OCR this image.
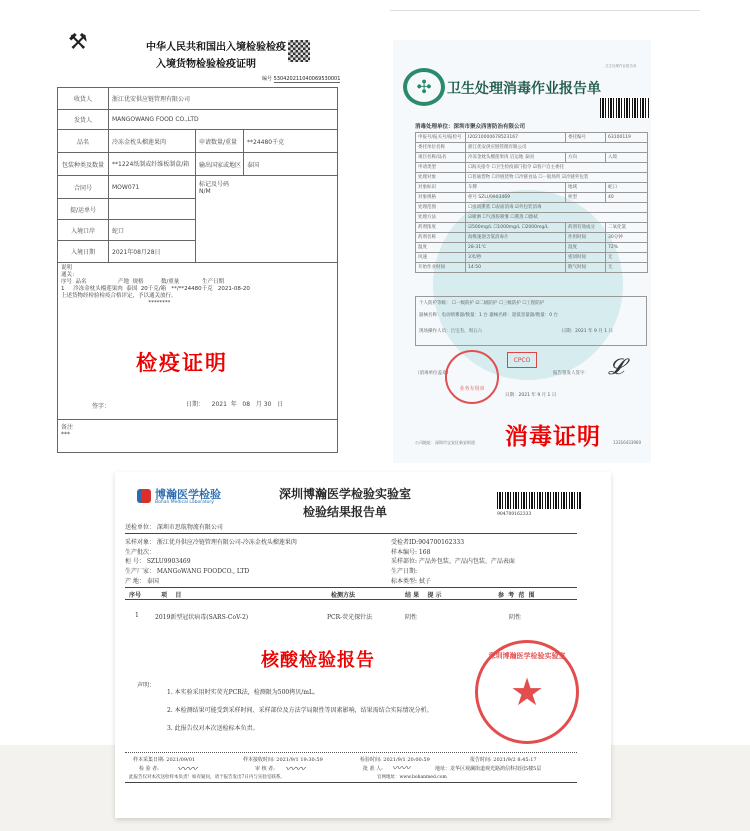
⚒	中华人民共和国出入境检验检疫
入境货物检验检疫证明
编号 530420211040069530001
收货人	浙江优安供应链管理有限公司
发货人	MANGOWANG FOOD CO.,LTD
品名	冷冻金枕头榴莲果肉	申请数量/重量	**24480千克
包装种类及数量	**1224纸制或纤维板制盒/箱	输出国家或地区 泰国
合同号	MOW071	标记及号码
N/M
提/运单号
入境口岸	蛇口
入境日期	2021年08月28日
说明
通关：
序号  品名                  产地  规格          数/重量             生产日期
1     冷冻金枕头榴莲果肉  泰国  20千克/箱   **/**24480千克   2021-08-20
上述货物经检验检疫合格评定，予以通关放行。
********
检疫证明
签字：	日期：    2021  年   08   月 30   日
备注
***
✣	卫生处理消毒作业报告单
卫生处理作业报告单
消毒处理单位：深圳市聚众西害防治有限公司
申报号/报关号/报检号	I20210000678523167	委托编号	63100119
委托单位名称	浙江优安供应链管理有限公司		
项目名称/品名	冷冻金枕头榴莲果肉 启运地 泰国	方向	入境
申请类型	☐海关指令 ☐卫生检疫部门指令 ☑客户自主委托		
处理对象	☐普通货物 ☐冷链货物 ☐冷链食品 ☐一般场所 ☑冷链外包装		
对象标识	车牌	地域	蛇口
对象规格	柜号 SZLU9903469	柜型	40
处理范围	☐密闭熏蒸 ☐表面消毒 ☑外包装消毒		
处理方法	☑喷洒 ☐气溶胶喷雾 ☐熏蒸 ☐擦拭		
药剂浓度	☑500mg/L ☐1000mg/L ☐2000mg/L	药剂有效成分	二氧化氯
药剂名称	海维速溶含氯消毒片	作用时间	30分钟
温度	28-31℃	湿度	72%
风速	3米/秒	密闭时间	无
开始作业时间	14:50	散气时间	无
个人防护等级： ☐一级防护 ☑二级防护 ☐三级防护 ☐工程防护
器械名称：电动喷雾器/数量：1 台 器械名称：超低容量器/数量：0 台
现场操作人员：吕宝杰、周五六	日期：2021 年 9 月 1 日
CPCO
（消毒单位盖章）
业务专用章
报告签发人签字： 𝓛
日期：2021 年 9 月 1 日
公司地址：深圳市宝安区新安街道	13316433960
消毒证明
博瀚医学检验
Bohan Medical Laboratory
深圳博瀚医学检验实验室
检验结果报告单	904700162333
送检单位： 深圳市思航物流有限公司
采样对象： 浙江优舟供应冷链管理有限公司-冷冻金枕头榴莲果肉
生产批次：
柜 号： SZLU9903469
生产厂家： MANGoWANG FOODCO., LTD
产 地： 泰国
受检者ID:904700162333
样本编号: 168
采样部位: 产品外包装、产品内包装、产品表面
生产日期:
标本类型: 拭子
序号	项    目	检测方法	结 果    提 示	参  考  范  围
1	2019新型冠状病毒(SARS-CoV-2)	PCR-荧光探针法	阴性	阴性
核酸检验报告
声明：
1. 本实验采用时实荧光PCR法，检测限为500拷贝/mL。
2. 本检测结果可能受到采样时间、采样部位及方法学局限性等因素影响，结果需结合实际情况分析。
3. 此报告仅对本次送检标本负责。
样本采集日期: 2021/09/01	样本接收时间: 2021/9/1 19:30:59	检验时间: 2021/9/1 20:00:59	报告时间: 2021/9/2 8:45:17
检 验 者:	审 核 者:	批 准 人:	地址：龙华区观澜街道观光路鸿信科技园5楼5层
〰〰	〰〰	〰〰
此报告仅对本次送检样本负责！如有疑问，请于报告发出7日内与实验室联系。	官网地址：www.bohanmed.com
★
深圳博瀚医学检验实验室
